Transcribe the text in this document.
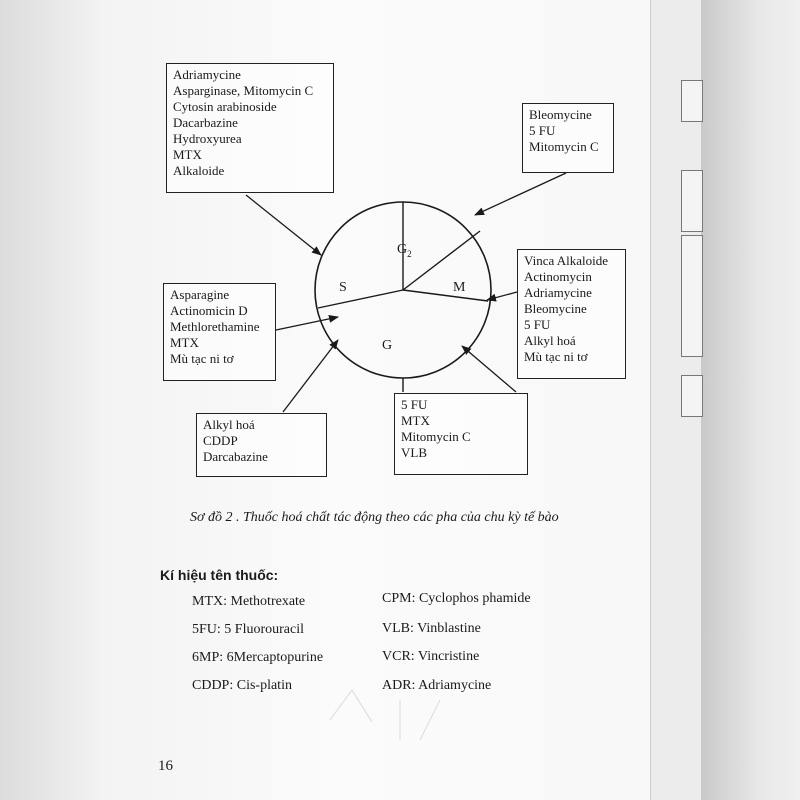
$G_2$
S	M
G
Adriamycine
Asparginase, Mitomycin C
Cytosin arabinoside
Dacarbazine
Hydroxyurea
MTX
Alkaloide
Bleomycine
5 FU
Mitomycin C
Vinca Alkaloide
Actinomycin
Adriamycine
Bleomycine
5 FU
Alkyl hoá
Mù tạc ni tơ
Asparagine
Actinomicin D
Methlorethamine
MTX
Mù tạc ni tơ
Alkyl hoá
CDDP
Darcabazine
5 FU
MTX
Mitomycin C
VLB
Sơ đồ 2 . Thuốc hoá chất tác động theo các pha của chu kỳ tế bào
Kí hiệu tên thuốc:
MTX: Methotrexate
5FU: 5 Fluorouracil
6MP: 6Mercaptopurine
CDDP: Cis-platin
CPM: Cyclophos phamide
VLB: Vinblastine
VCR: Vincristine
ADR: Adriamycine
16
